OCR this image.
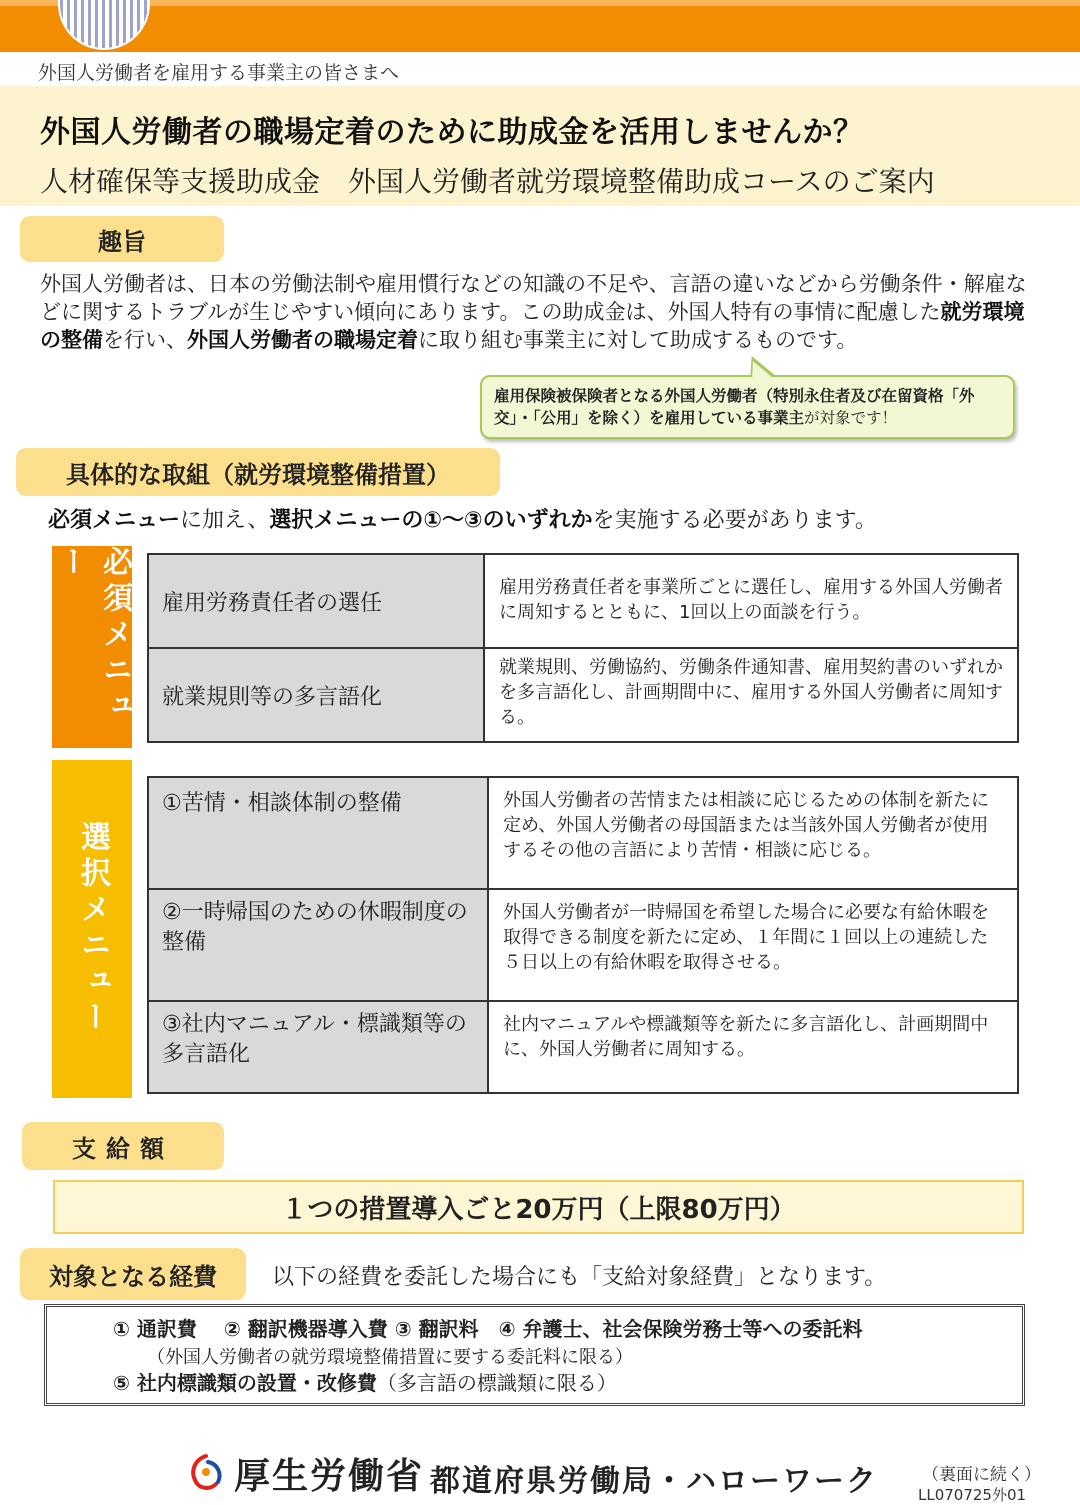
外国人労働者を雇用する事業主の皆さまへ
外国人労働者の職場定着のために助成金を活用しませんか？
人材確保等支援助成金　外国人労働者就労環境整備助成コースのご案内
趣旨
外国人労働者は、日本の労働法制や雇用慣行などの知識の不足や、言語の違いなどから労働条件・解雇などに関するトラブルが生じやすい傾向にあります。この助成金は、外国人特有の事情に配慮した就労環境の整備を行い、外国人労働者の職場定着に取り組む事業主に対して助成するものです。
雇用保険被保険者となる外国人労働者（特別永住者及び在留資格「外交」・「公用」を除く）を雇用している事業主が対象です！
具体的な取組（就労環境整備措置）
必須メニューに加え、選択メニューの①～③のいずれかを実施する必要があります。
必須メニュー
雇用労務責任者の選任	雇用労務責任者を事業所ごとに選任し、雇用する外国人労働者に周知するとともに、1回以上の面談を行う。
就業規則等の多言語化	就業規則、労働協約、労働条件通知書、雇用契約書のいずれかを多言語化し、計画期間中に、雇用する外国人労働者に周知する。
選択メニュー
①苦情・相談体制の整備	外国人労働者の苦情または相談に応じるための体制を新たに定め、外国人労働者の母国語または当該外国人労働者が使用するその他の言語により苦情・相談に応じる。
②一時帰国のための休暇制度の整備	外国人労働者が一時帰国を希望した場合に必要な有給休暇を取得できる制度を新たに定め、１年間に１回以上の連続した５日以上の有給休暇を取得させる。
③社内マニュアル・標識類等の多言語化	社内マニュアルや標識類等を新たに多言語化し、計画期間中に、外国人労働者に周知する。
支給額
１つの措置導入ごと20万円（上限80万円）
対象となる経費	以下の経費を委託した場合にも「支給対象経費」となります。
① 通訳費　 ② 翻訳機器導入費 ③ 翻訳料　④ 弁護士、社会保険労務士等への委託料
（外国人労働者の就労環境整備措置に要する委託料に限る）
⑤ 社内標識類の設置・改修費（多言語の標識類に限る）
厚生労働省 都道府県労働局・ハローワーク	（裏面に続く）
LL070725外01
